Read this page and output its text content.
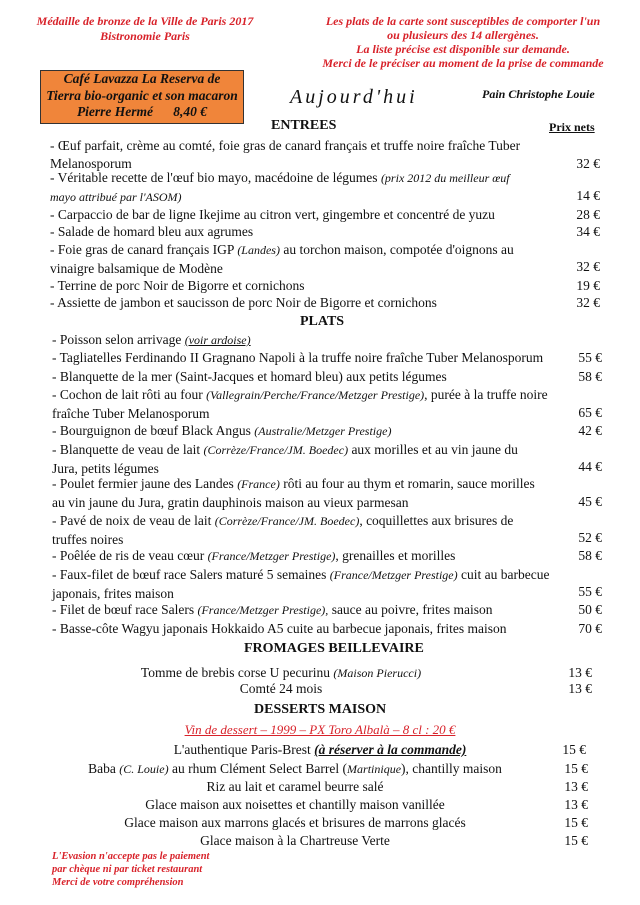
Médaille de bronze de la Ville de Paris 2017
Bistronomie Paris
Les plats de la carte sont susceptibles de comporter l'un
ou plusieurs des 14 allergènes.
La liste précise est disponible sur demande.
Merci de le préciser au moment de la prise de commande
Café Lavazza La Reserva de
Tierra bio-organic et son macaron
Pierre Hermé      8,40 €
Aujourd'hui	Pain Christophe Louie
ENTREES	Prix nets
- Œuf parfait, crème au comté, foie gras de canard français et truffe noire fraîche Tuber
Melanosporum	32 €
- Véritable recette de l'œuf bio mayo, macédoine de légumes (prix 2012 du meilleur œuf
mayo attribué par l'ASOM)	14 €
- Carpaccio de bar de ligne Ikejime au citron vert, gingembre et concentré de yuzu	28 €
- Salade de homard bleu aux agrumes	34 €
- Foie gras de canard français IGP (Landes) au torchon maison, compotée d'oignons au
vinaigre balsamique de Modène	32 €
- Terrine de porc Noir de Bigorre et cornichons	19 €
- Assiette de jambon et saucisson de porc Noir de Bigorre et cornichons	32 €
PLATS
- Poisson selon arrivage (voir ardoise)
- Tagliatelles Ferdinando II Gragnano Napoli à la truffe noire fraîche Tuber Melanosporum	55 €
- Blanquette de la mer (Saint-Jacques et homard bleu) aux petits légumes	58 €
- Cochon de lait rôti au four (Vallegrain/Perche/France/Metzger Prestige), purée à la truffe noire
fraîche Tuber Melanosporum	65 €
- Bourguignon de bœuf Black Angus (Australie/Metzger Prestige)	42 €
- Blanquette de veau de lait (Corrèze/France/JM. Boedec) aux morilles et au vin jaune du
Jura, petits légumes	44 €
- Poulet fermier jaune des Landes (France) rôti au four au thym et romarin, sauce morilles
au vin jaune du Jura, gratin dauphinois maison au vieux parmesan	45 €
- Pavé de noix de veau de lait (Corrèze/France/JM. Boedec), coquillettes aux brisures de
truffes noires	52 €
- Poêlée de ris de veau cœur (France/Metzger Prestige), grenailles et morilles	58 €
- Faux-filet de bœuf race Salers maturé 5 semaines (France/Metzger Prestige) cuit au barbecue
japonais, frites maison	55 €
- Filet de bœuf race Salers (France/Metzger Prestige), sauce au poivre, frites maison	50 €
- Basse-côte Wagyu japonais Hokkaido A5 cuite au barbecue japonais, frites maison	70 €
FROMAGES BEILLEVAIRE
Tomme de brebis corse U pecurinu (Maison Pierucci)	13 €
Comté 24 mois	13 €
DESSERTS MAISON
Vin de dessert – 1999 – PX Toro Albalà – 8 cl : 20 €
L'authentique Paris-Brest (à réserver à la commande)	15 €
Baba (C. Louie) au rhum Clément Select Barrel (Martinique), chantilly maison	15 €
Riz au lait et caramel beurre salé	13 €
Glace maison aux noisettes et chantilly maison vanillée	13 €
Glace maison aux marrons glacés et brisures de marrons glacés	15 €
Glace maison à la Chartreuse Verte	15 €
L'Evasion n'accepte pas le paiement
par chèque ni par ticket restaurant
Merci de votre compréhension
